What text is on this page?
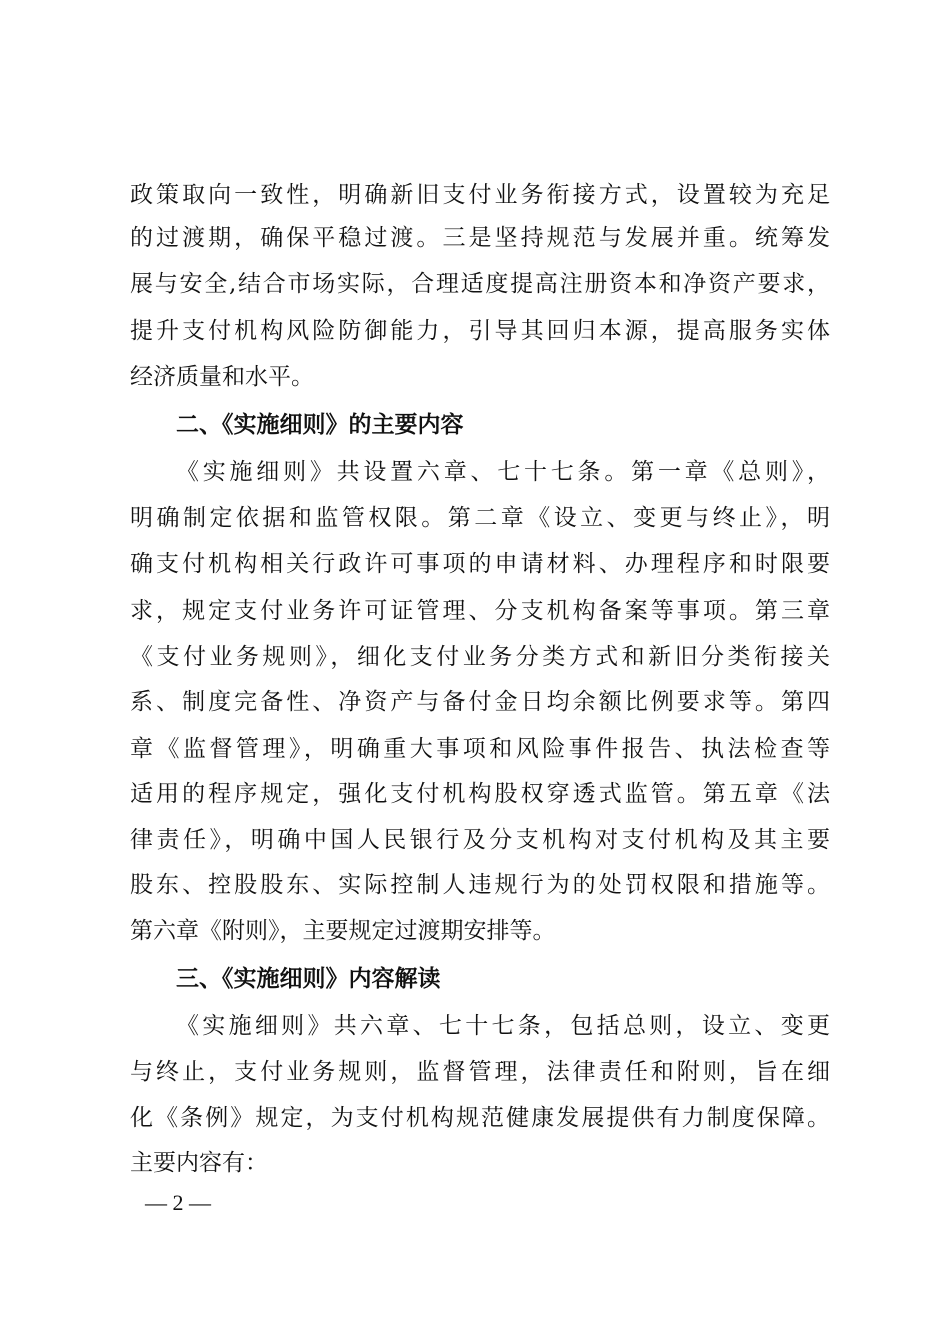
政策取向一致性，明确新旧支付业务衔接方式，设置较为充足

的过渡期，确保平稳过渡。三是坚持规范与发展并重。统筹发

展与安全,结合市场实际，合理适度提高注册资本和净资产要求，

提升支付机构风险防御能力，引导其回归本源，提高服务实体

经济质量和水平。

二、《实施细则》的主要内容

《实施细则》共设置六章、七十七条。第一章《总则》，

明确制定依据和监管权限。第二章《设立、变更与终止》，明

确支付机构相关行政许可事项的申请材料、办理程序和时限要

求，规定支付业务许可证管理、分支机构备案等事项。第三章

《支付业务规则》，细化支付业务分类方式和新旧分类衔接关

系、制度完备性、净资产与备付金日均余额比例要求等。第四

章《监督管理》，明确重大事项和风险事件报告、执法检查等

适用的程序规定，强化支付机构股权穿透式监管。第五章《法

律责任》，明确中国人民银行及分支机构对支付机构及其主要

股东、控股股东、实际控制人违规行为的处罚权限和措施等。

第六章《附则》，主要规定过渡期安排等。

三、《实施细则》内容解读

《实施细则》共六章、七十七条，包括总则，设立、变更

与终止，支付业务规则，监督管理，法律责任和附则，旨在细

化《条例》规定，为支付机构规范健康发展提供有力制度保障。

主要内容有：

— 2 —
